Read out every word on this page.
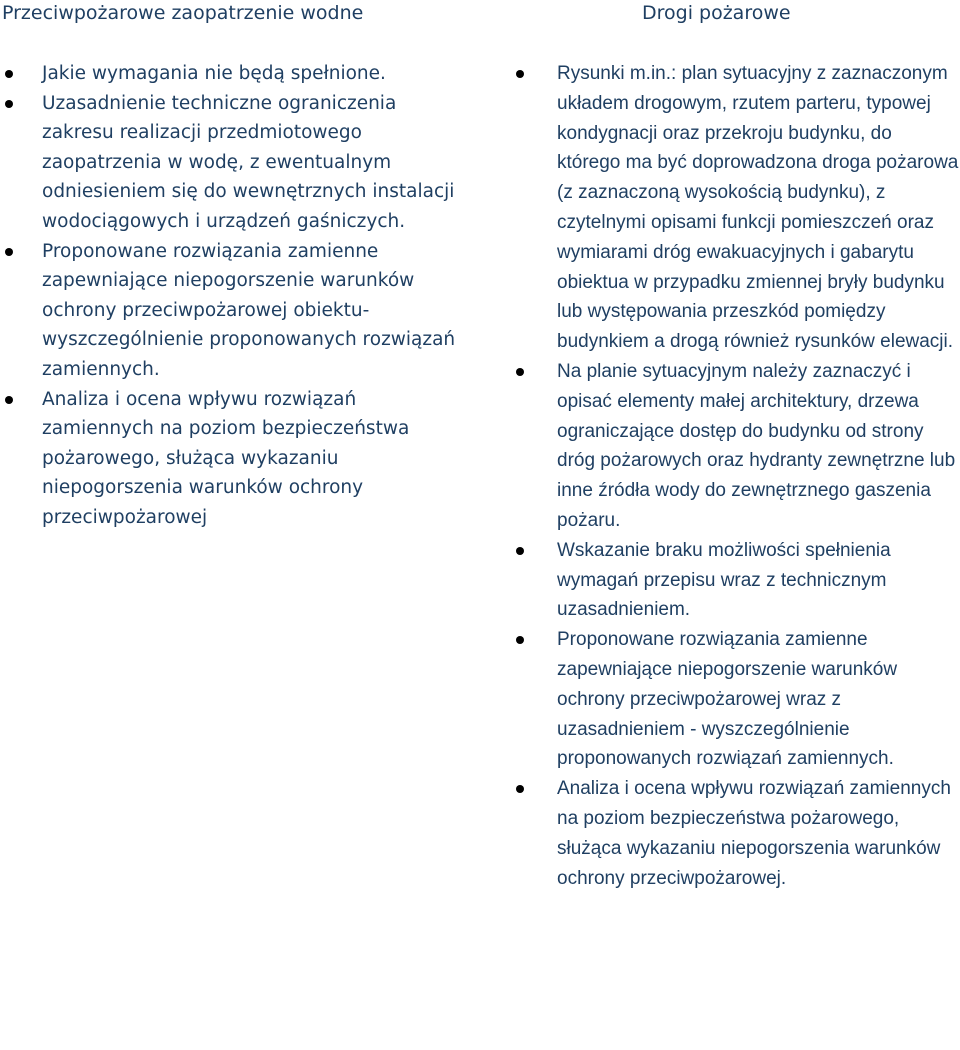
Przeciwpożarowe zaopatrzenie wodne
Jakie wymagania nie będą spełnione.
Uzasadnienie techniczne ograniczenia zakresu realizacji przedmiotowego zaopatrzenia w wodę, z ewentualnym odniesieniem się do wewnętrznych instalacji wodociągowych i urządzeń gaśniczych.
Proponowane rozwiązania zamienne zapewniające niepogorszenie warunków ochrony przeciwpożarowej obiektu- wyszczególnienie proponowanych rozwiązań zamiennych.
Analiza i ocena wpływu rozwiązań zamiennych na poziom bezpieczeństwa pożarowego, służąca wykazaniu niepogorszenia warunków ochrony przeciwpożarowej
Drogi pożarowe
Rysunki m.in.: plan sytuacyjny z zaznaczonym układem drogowym, rzutem parteru, typowej kondygnacji oraz przekroju budynku, do którego ma być doprowadzona droga pożarowa (z zaznaczoną wysokością budynku), z czytelnymi opisami funkcji pomieszczeń oraz wymiarami dróg ewakuacyjnych i gabarytu obiektua w przypadku zmiennej bryły budynku lub występowania przeszkód pomiędzy budynkiem a drogą również rysunków elewacji.
Na planie sytuacyjnym należy zaznaczyć i opisać elementy małej architektury, drzewa ograniczające dostęp do budynku od strony dróg pożarowych oraz hydranty zewnętrzne lub inne źródła wody do zewnętrznego gaszenia pożaru.
Wskazanie braku możliwości spełnienia wymagań przepisu wraz z technicznym uzasadnieniem.
Proponowane rozwiązania zamienne zapewniające niepogorszenie warunków ochrony przeciwpożarowej wraz z uzasadnieniem - wyszczególnienie proponowanych rozwiązań zamiennych.
Analiza i ocena wpływu rozwiązań zamiennych na poziom bezpieczeństwa pożarowego, służąca wykazaniu niepogorszenia warunków ochrony przeciwpożarowej.
